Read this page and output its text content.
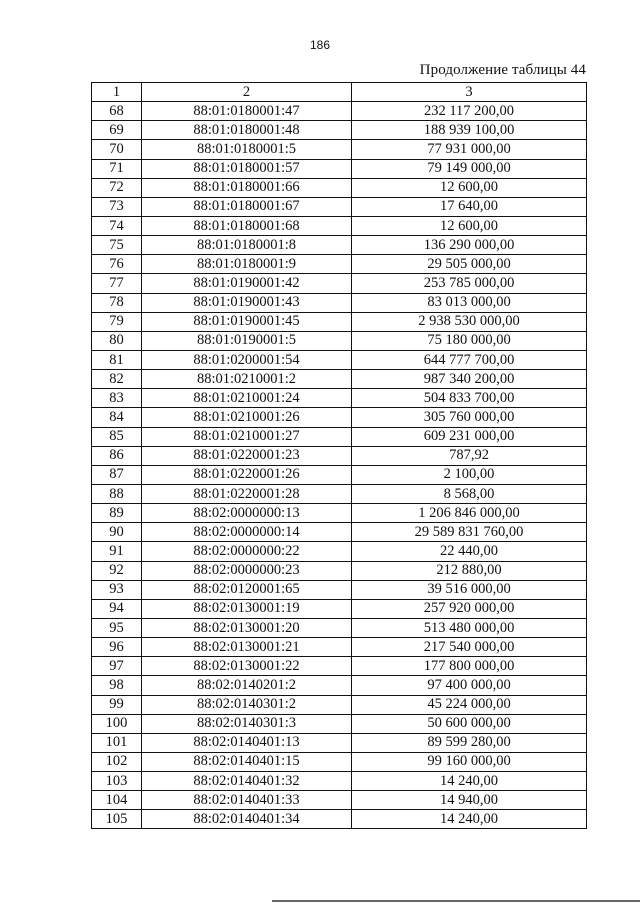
186
Продолжение таблицы 44
1	2	3
68	88:01:0180001:47	232 117 200,00
69	88:01:0180001:48	188 939 100,00
70	88:01:0180001:5	77 931 000,00
71	88:01:0180001:57	79 149 000,00
72	88:01:0180001:66	12 600,00
73	88:01:0180001:67	17 640,00
74	88:01:0180001:68	12 600,00
75	88:01:0180001:8	136 290 000,00
76	88:01:0180001:9	29 505 000,00
77	88:01:0190001:42	253 785 000,00
78	88:01:0190001:43	83 013 000,00
79	88:01:0190001:45	2 938 530 000,00
80	88:01:0190001:5	75 180 000,00
81	88:01:0200001:54	644 777 700,00
82	88:01:0210001:2	987 340 200,00
83	88:01:0210001:24	504 833 700,00
84	88:01:0210001:26	305 760 000,00
85	88:01:0210001:27	609 231 000,00
86	88:01:0220001:23	787,92
87	88:01:0220001:26	2 100,00
88	88:01:0220001:28	8 568,00
89	88:02:0000000:13	1 206 846 000,00
90	88:02:0000000:14	29 589 831 760,00
91	88:02:0000000:22	22 440,00
92	88:02:0000000:23	212 880,00
93	88:02:0120001:65	39 516 000,00
94	88:02:0130001:19	257 920 000,00
95	88:02:0130001:20	513 480 000,00
96	88:02:0130001:21	217 540 000,00
97	88:02:0130001:22	177 800 000,00
98	88:02:0140201:2	97 400 000,00
99	88:02:0140301:2	45 224 000,00
100	88:02:0140301:3	50 600 000,00
101	88:02:0140401:13	89 599 280,00
102	88:02:0140401:15	99 160 000,00
103	88:02:0140401:32	14 240,00
104	88:02:0140401:33	14 940,00
105	88:02:0140401:34	14 240,00
